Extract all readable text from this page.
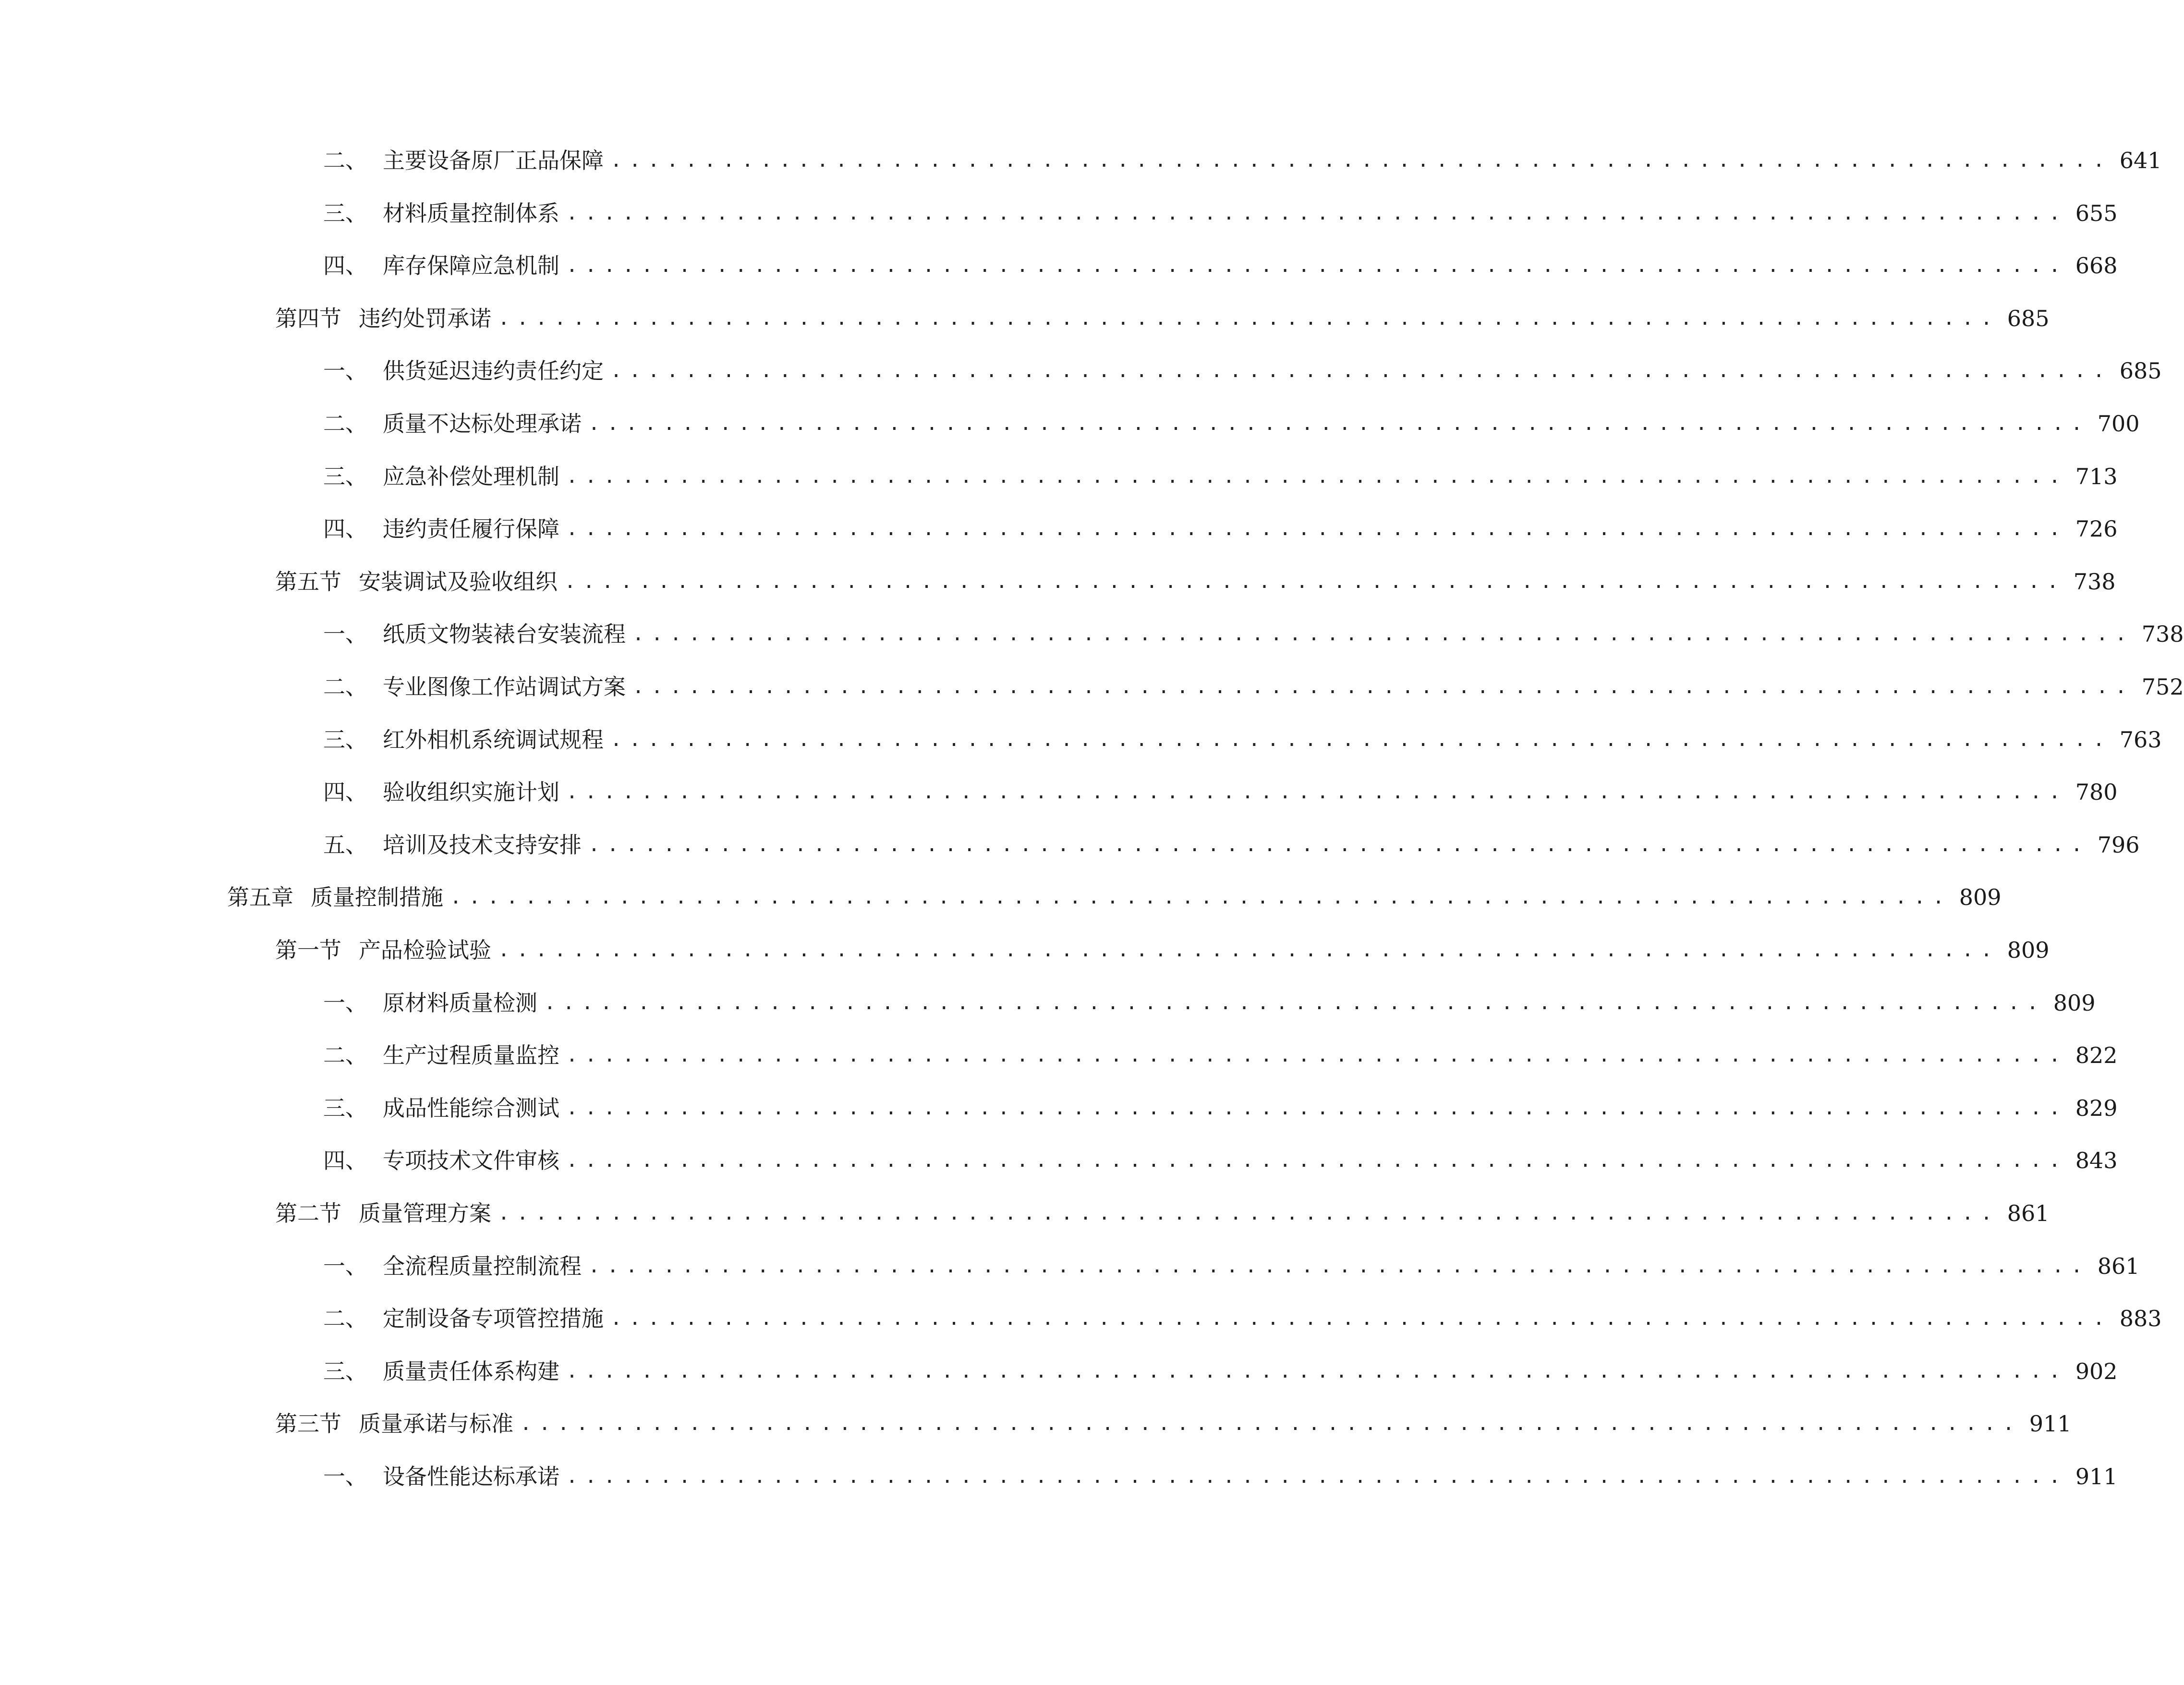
二、 主要设备原厂正品保障 ................................................................................ 641
三、 材料质量控制体系 ................................................................................ 655
四、 库存保障应急机制 ................................................................................ 668
第四节 违约处罚承诺 ................................................................................ 685
一、 供货延迟违约责任约定 ................................................................................ 685
二、 质量不达标处理承诺 ................................................................................ 700
三、 应急补偿处理机制 ................................................................................ 713
四、 违约责任履行保障 ................................................................................ 726
第五节 安装调试及验收组织 ................................................................................ 738
一、 纸质文物装裱台安装流程 ................................................................................ 738
二、 专业图像工作站调试方案 ................................................................................ 752
三、 红外相机系统调试规程 ................................................................................ 763
四、 验收组织实施计划 ................................................................................ 780
五、 培训及技术支持安排 ................................................................................ 796
第五章 质量控制措施 ................................................................................ 809
第一节 产品检验试验 ................................................................................ 809
一、 原材料质量检测 ................................................................................ 809
二、 生产过程质量监控 ................................................................................ 822
三、 成品性能综合测试 ................................................................................ 829
四、 专项技术文件审核 ................................................................................ 843
第二节 质量管理方案 ................................................................................ 861
一、 全流程质量控制流程 ................................................................................ 861
二、 定制设备专项管控措施 ................................................................................ 883
三、 质量责任体系构建 ................................................................................ 902
第三节 质量承诺与标准 ................................................................................ 911
一、 设备性能达标承诺 ................................................................................ 911
